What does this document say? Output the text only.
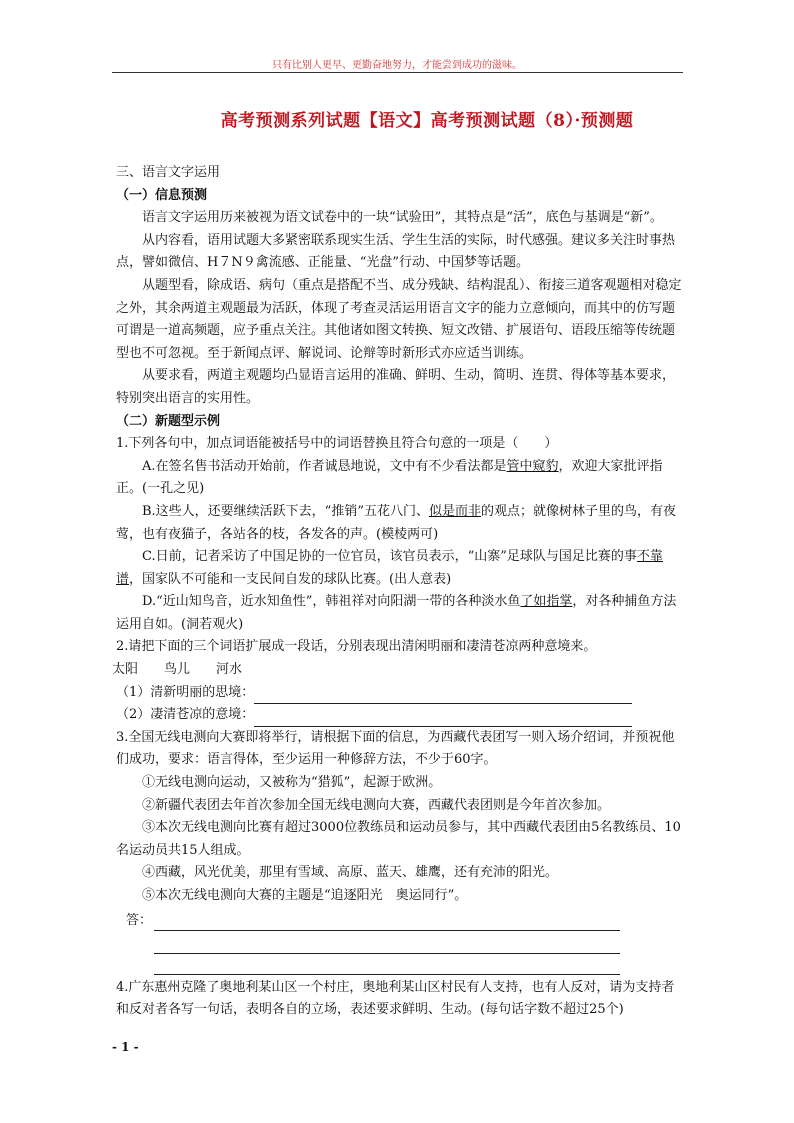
只有比别人更早、更勤奋地努力，才能尝到成功的滋味。
高考预测系列试题【语文】高考预测试题（8）·预测题

三、语言文字运用

（一）信息预测

语言文字运用历来被视为语文试卷中的一块“试验田”，其特点是“活”，底色与基调是“新”。

从内容看，语用试题大多紧密联系现实生活、学生生活的实际，时代感强。建议多关注时事热点，譬如微信、H７N９禽流感、正能量、“光盘”行动、中国梦等话题。

从题型看，除成语、病句（重点是搭配不当、成分残缺、结构混乱）、衔接三道客观题相对稳定之外，其余两道主观题最为活跃，体现了考查灵活运用语言文字的能力立意倾向，而其中的仿写题可谓是一道高频题，应予重点关注。其他诸如图文转换、短文改错、扩展语句、语段压缩等传统题型也不可忽视。至于新闻点评、解说词、论辩等时新形式亦应适当训练。

从要求看，两道主观题均凸显语言运用的准确、鲜明、生动，简明、连贯、得体等基本要求，特别突出语言的实用性。

（二）新题型示例

1.下列各句中，加点词语能被括号中的词语替换且符合句意的一项是（　　）

A.在签名售书活动开始前，作者诚恳地说，文中有不少看法都是管中窥豹，欢迎大家批评指正。(一孔之见)

B.这些人，还要继续活跃下去，“推销”五花八门、似是而非的观点；就像树林子里的鸟，有夜莺，也有夜猫子，各站各的枝，各发各的声。(模棱两可)

C.日前，记者采访了中国足协的一位官员，该官员表示，“山寨”足球队与国足比赛的事不靠谱，国家队不可能和一支民间自发的球队比赛。(出人意表)

D.“近山知鸟音，近水知鱼性”，韩祖祥对向阳湖一带的各种淡水鱼了如指掌，对各种捕鱼方法运用自如。(洞若观火)

2.请把下面的三个词语扩展成一段话，分别表现出清闲明丽和凄清苍凉两种意境来。

太阳 鸟儿 河水

（1）清新明丽的思境：

（2）凄清苍凉的意境：

3.全国无线电测向大赛即将举行，请根据下面的信息，为西藏代表团写一则入场介绍词，并预祝他们成功，要求：语言得体，至少运用一种修辞方法，不少于60字。

①无线电测向运动，又被称为“猎狐”，起源于欧洲。

②新疆代表团去年首次参加全国无线电测向大赛，西藏代表团则是今年首次参加。

③本次无线电测向比赛有超过3000位教练员和运动员参与，其中西藏代表团由5名教练员、10名运动员共15人组成。

④西藏，风光优美，那里有雪域、高原、蓝天、雄鹰，还有充沛的阳光。

⑤本次无线电测向大赛的主题是“追逐阳光　奥运同行”。

答：

4.广东惠州克隆了奥地利某山区一个村庄，奥地利某山区村民有人支持，也有人反对，请为支持者和反对者各写一句话，表明各自的立场，表述要求鲜明、生动。(每句话字数不超过25个)

- 1 -
